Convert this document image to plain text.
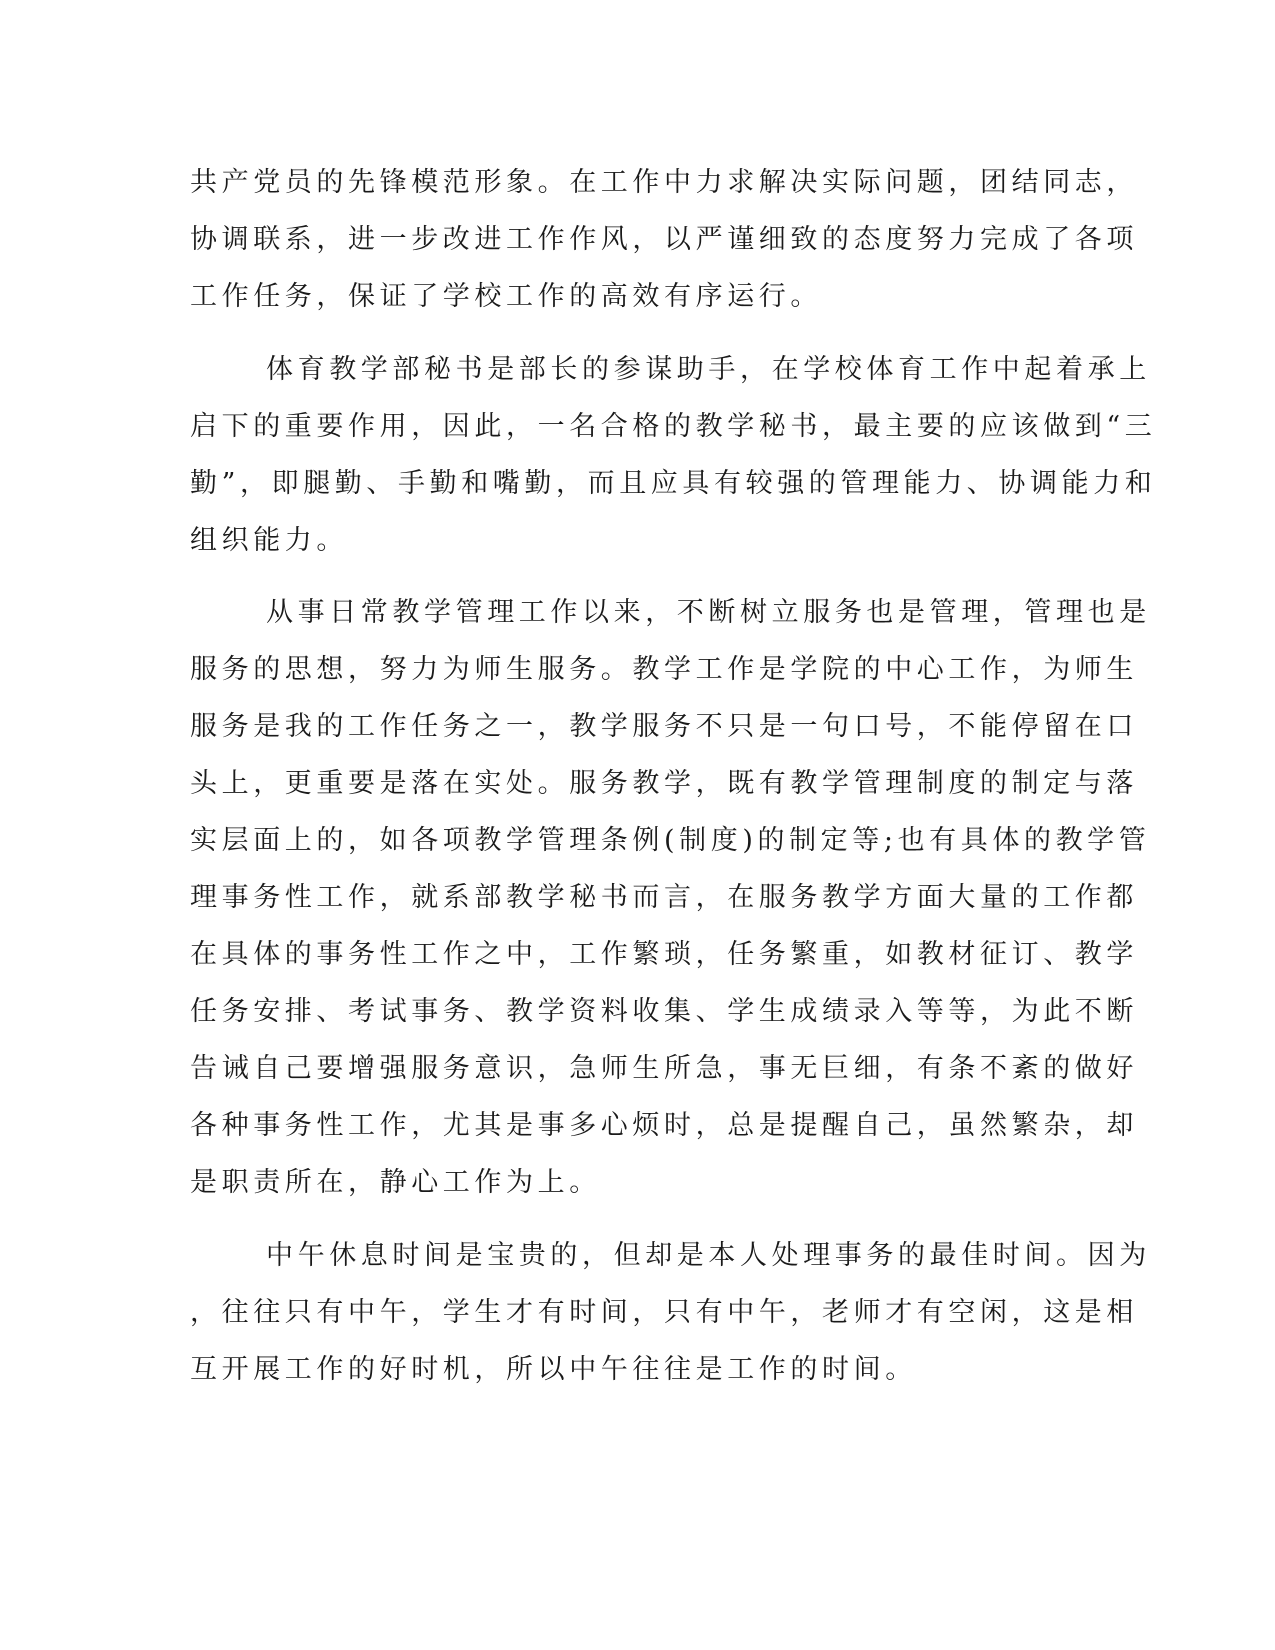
共产党员的先锋模范形象。在工作中力求解决实际问题，团结同志，

协调联系，进一步改进工作作风，以严谨细致的态度努力完成了各项

工作任务，保证了学校工作的高效有序运行。

体育教学部秘书是部长的参谋助手，在学校体育工作中起着承上

启下的重要作用，因此，一名合格的教学秘书，最主要的应该做到“三

勤”，即腿勤、手勤和嘴勤，而且应具有较强的管理能力、协调能力和

组织能力。

从事日常教学管理工作以来，不断树立服务也是管理，管理也是

服务的思想，努力为师生服务。教学工作是学院的中心工作，为师生

服务是我的工作任务之一，教学服务不只是一句口号，不能停留在口

头上，更重要是落在实处。服务教学，既有教学管理制度的制定与落

实层面上的，如各项教学管理条例(制度)的制定等;也有具体的教学管

理事务性工作，就系部教学秘书而言，在服务教学方面大量的工作都

在具体的事务性工作之中，工作繁琐，任务繁重，如教材征订、教学

任务安排、考试事务、教学资料收集、学生成绩录入等等，为此不断

告诫自己要增强服务意识，急师生所急，事无巨细，有条不紊的做好

各种事务性工作，尤其是事多心烦时，总是提醒自己，虽然繁杂，却

是职责所在，静心工作为上。

中午休息时间是宝贵的，但却是本人处理事务的最佳时间。因为

，往往只有中午，学生才有时间，只有中午，老师才有空闲，这是相

互开展工作的好时机，所以中午往往是工作的时间。
